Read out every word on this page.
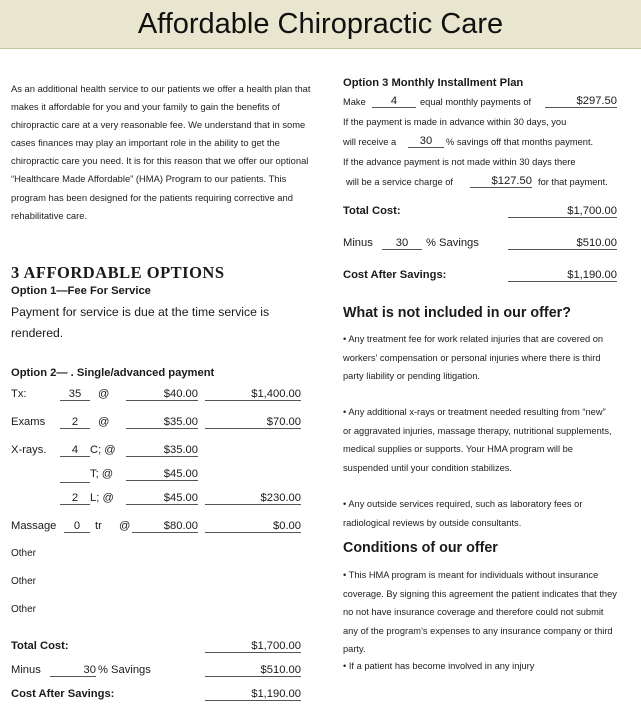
Affordable Chiropractic Care
As an additional health service to our patients we offer a health plan that makes it affordable for you and your family to gain the benefits of chiropractic care at a very reasonable fee. We understand that in some cases finances may play an important role in the ability to get the chiropractic care you need. It is for this reason that we offer our optional “Healthcare Made Affordable” (HMA) Program to our patients. This program has been designed for the patients requiring corrective and rehabilitative care.
3 AFFORDABLE OPTIONS
Option 1—Fee For Service
Payment for service is due at the time service is rendered.
Option 2— . Single/advanced payment
Tx:	35	@	$40.00	$1,400.00
Exams	2	@	$35.00	$70.00
X-rays.	4	C; @	$35.00
T; @	$45.00
2	L; @	$45.00	$230.00
Massage	0	tr @	$80.00	$0.00
Other
Other
Other
Total Cost:	$1,700.00
Minus	30 % Savings	$510.00
Cost After Savings:	$1,190.00
Option 3 Monthly Installment Plan
Make	4	equal monthly payments of	$297.50
If the payment is made in advance within 30 days, you
will receive a	30	% savings off that months payment.
If the advance payment is not made within 30 days there
will be a service charge of	$127.50 for that payment.
Total Cost:	$1,700.00
Minus	30	% Savings	$510.00
Cost After Savings:	$1,190.00
What is not included in our offer?
• Any treatment fee for work related injuries that are covered on workers’ compensation or personal injuries where there is third party liability or pending litigation.
• Any additional x-rays or treatment needed resulting from “new” or aggravated injuries, massage therapy, nutritional supplements, medical supplies or supports. Your HMA program will be suspended until your condition stabilizes.
• Any outside services required, such as laboratory fees or radiological reviews by outside consultants.
Conditions of our offer
• This HMA program is meant for individuals without insurance coverage. By signing this agreement the patient indicates that they no not have insurance coverage and therefore could not submit any of the program’s expenses to any insurance company or third party.
• If a patient has become involved in any injury
